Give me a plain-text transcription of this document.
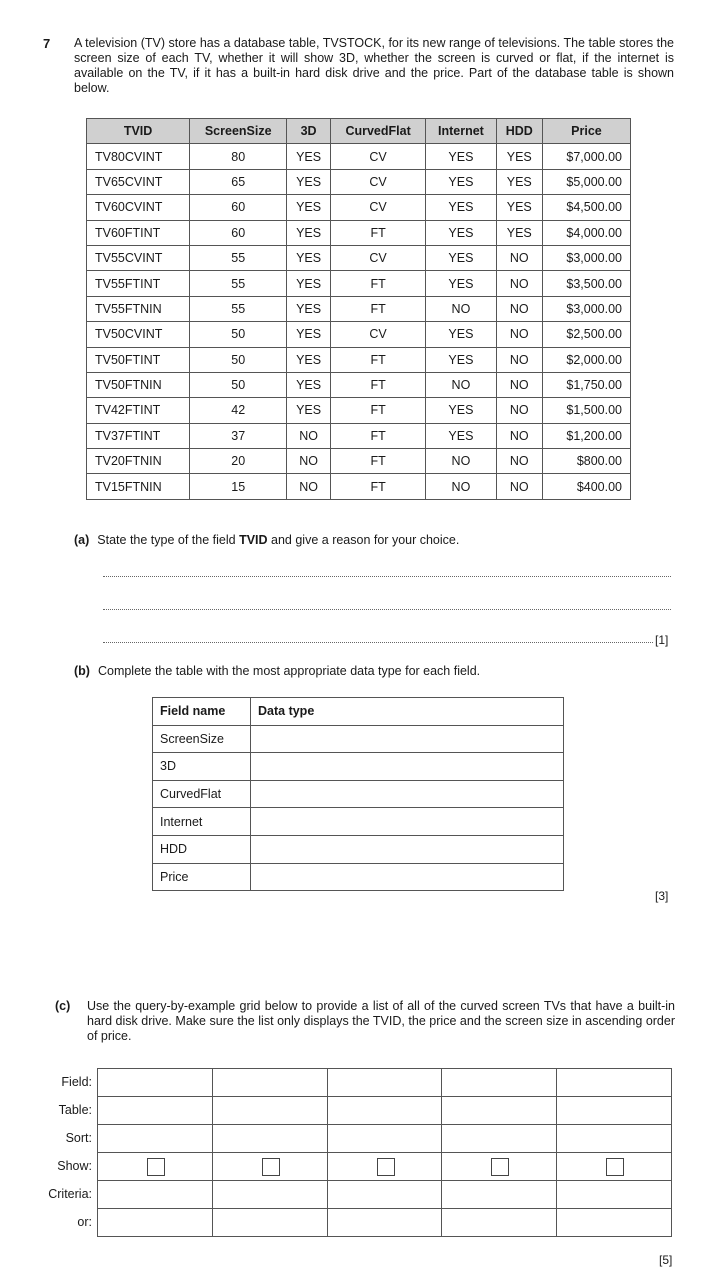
7 A television (TV) store has a database table, TVSTOCK, for its new range of televisions. The table stores the screen size of each TV, whether it will show 3D, whether the screen is curved or flat, if the internet is available on the TV, if it has a built-in hard disk drive and the price. Part of the database table is shown below.
TVID	ScreenSize	3D	CurvedFlat	Internet	HDD	Price
TV80CVINT	80	YES	CV	YES	YES	$7,000.00
TV65CVINT	65	YES	CV	YES	YES	$5,000.00
TV60CVINT	60	YES	CV	YES	YES	$4,500.00
TV60FTINT	60	YES	FT	YES	YES	$4,000.00
TV55CVINT	55	YES	CV	YES	NO	$3,000.00
TV55FTINT	55	YES	FT	YES	NO	$3,500.00
TV55FTNIN	55	YES	FT	NO	NO	$3,000.00
TV50CVINT	50	YES	CV	YES	NO	$2,500.00
TV50FTINT	50	YES	FT	YES	NO	$2,000.00
TV50FTNIN	50	YES	FT	NO	NO	$1,750.00
TV42FTINT	42	YES	FT	YES	NO	$1,500.00
TV37FTINT	37	NO	FT	YES	NO	$1,200.00
TV20FTNIN	20	NO	FT	NO	NO	$800.00
TV15FTNIN	15	NO	FT	NO	NO	$400.00
(a) State the type of the field TVID and give a reason for your choice.
[1]
(b) Complete the table with the most appropriate data type for each field.
Field name	Data type
ScreenSize	
3D	
CurvedFlat	
Internet	
HDD	
Price	
[3]
(c)	Use the query-by-example grid below to provide a list of all of the curved screen TVs that have a built-in hard disk drive. Make sure the list only displays the TVID, the price and the screen size in ascending order of price.
Field:
Table:
Sort:
Show:
Criteria:
or:

[5]
